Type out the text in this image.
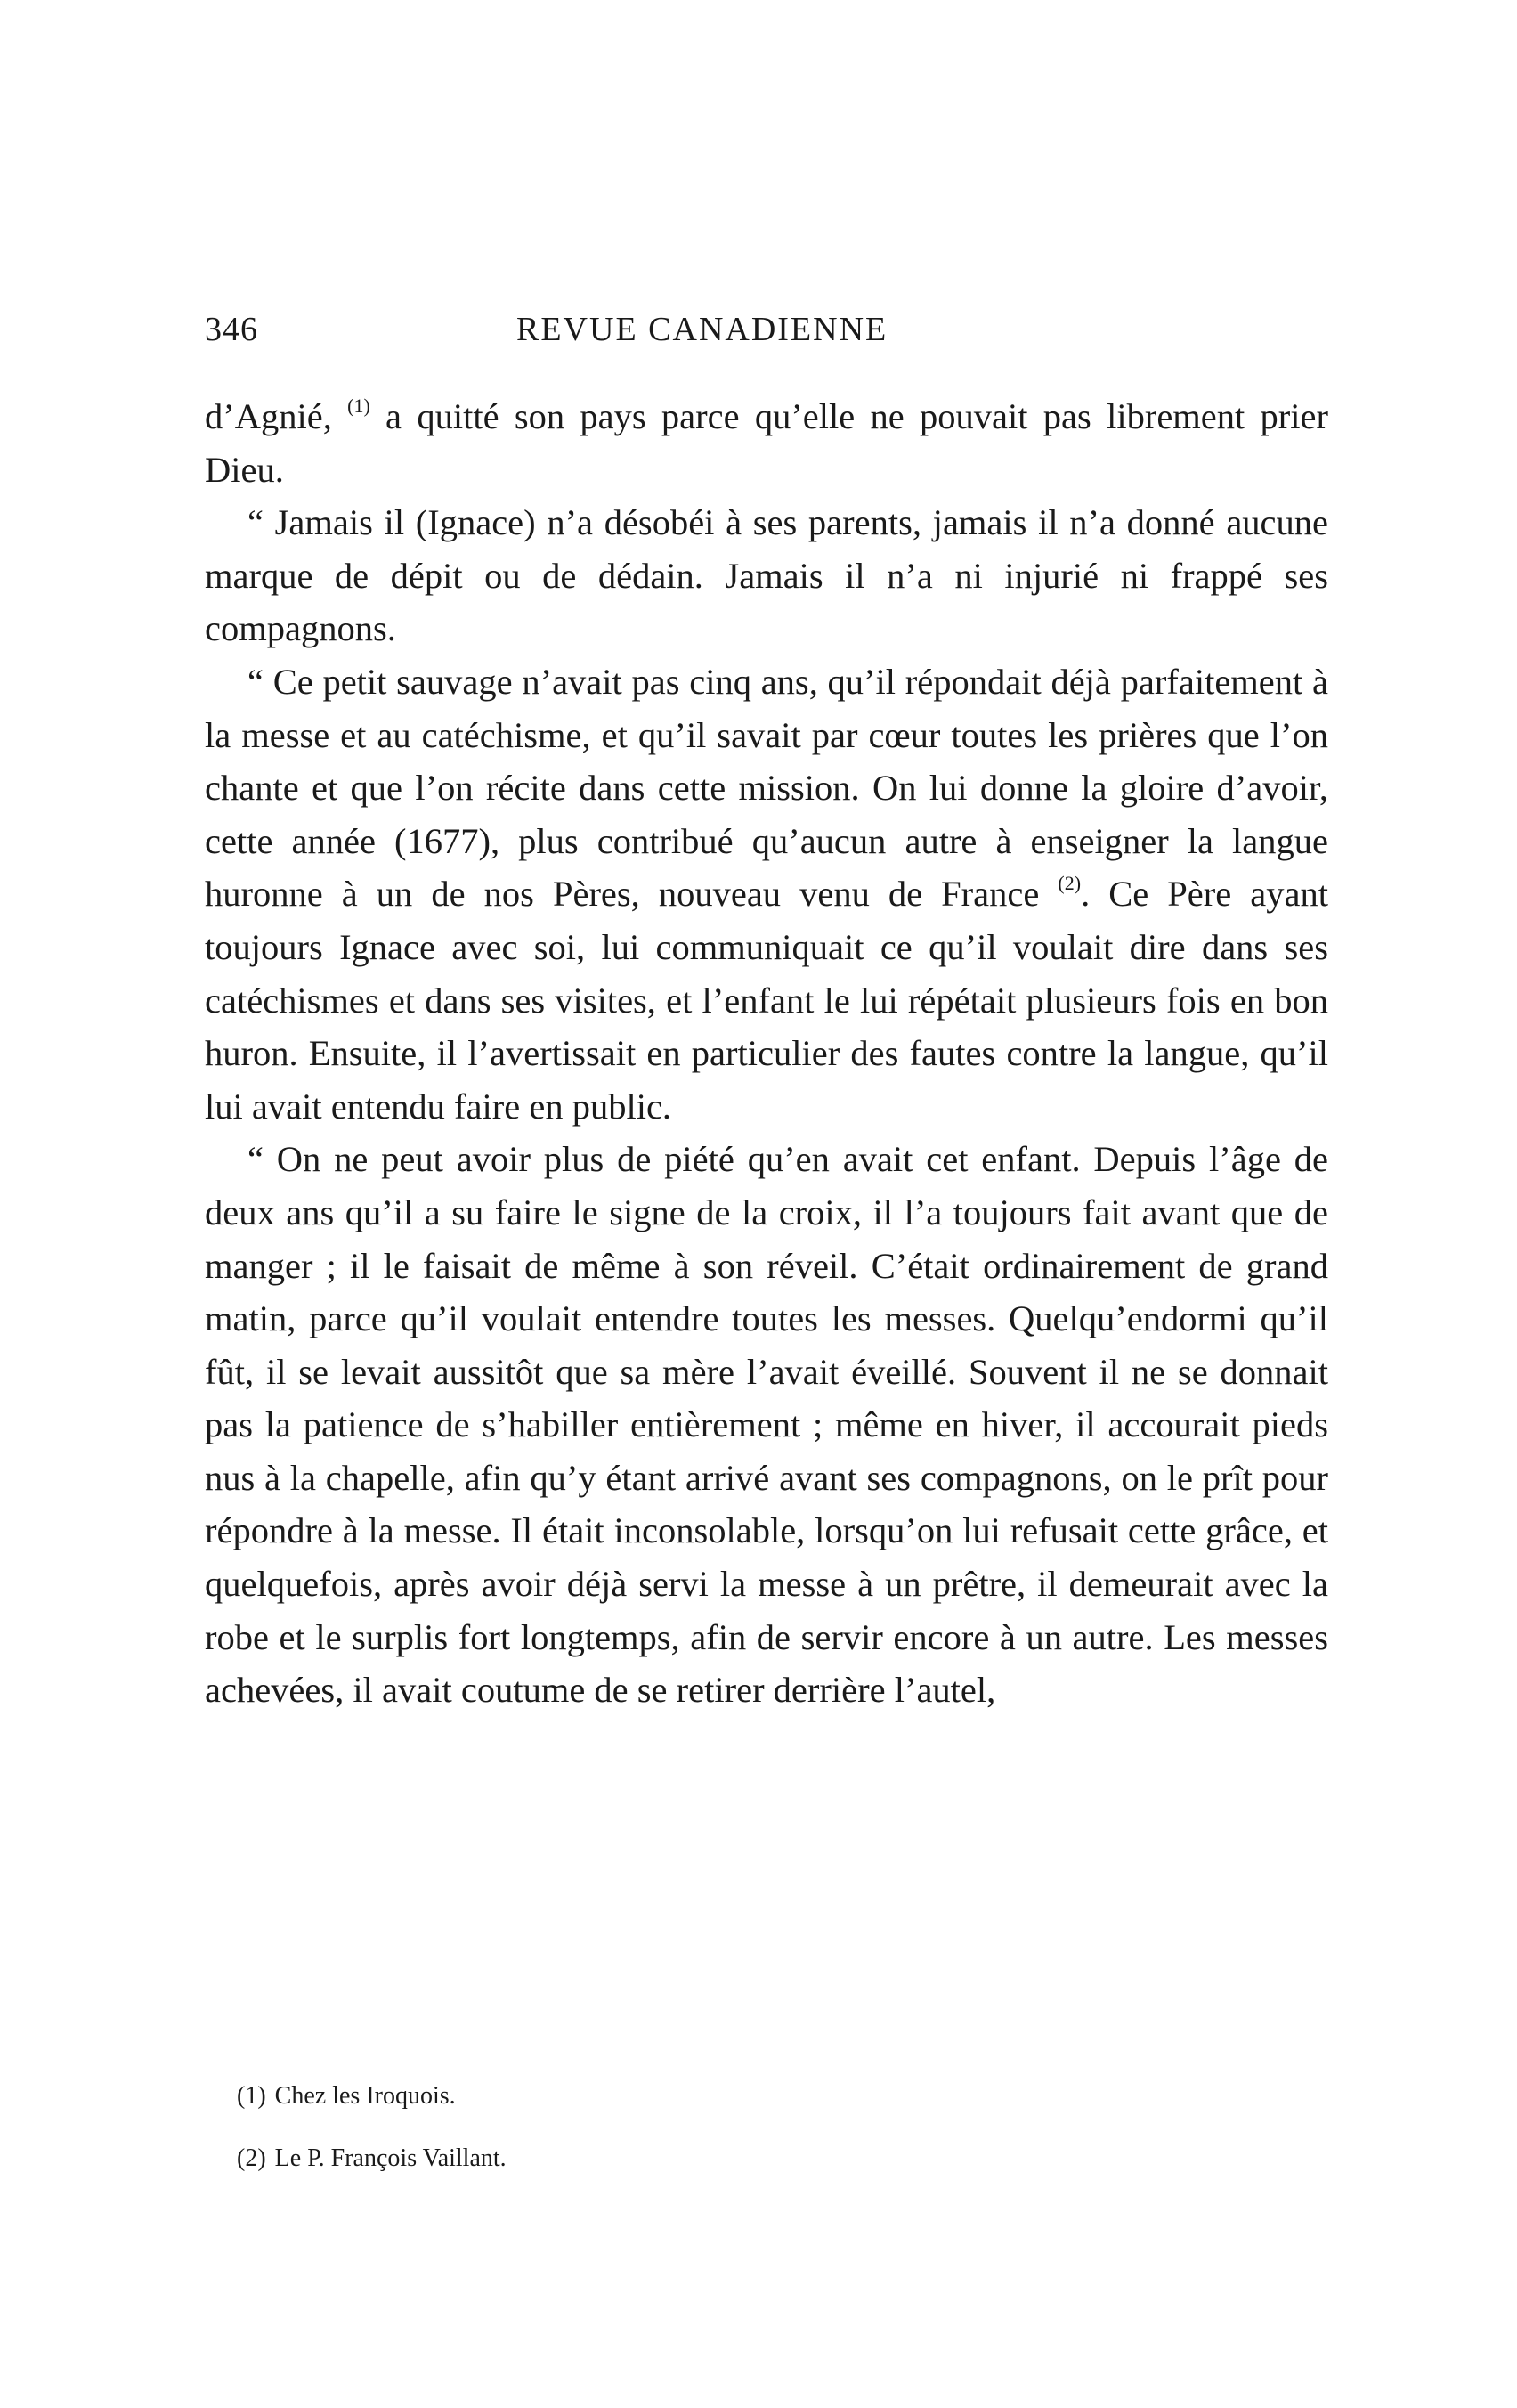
346	REVUE CANADIENNE

d’Agnié, $^{(1)}$ a quitté son pays parce qu’elle ne pouvait pas librement prier Dieu.

“ Jamais il (Ignace) n’a désobéi à ses parents, jamais il n’a donné aucune marque de dépit ou de dédain. Jamais il n’a ni injurié ni frappé ses compagnons.

“ Ce petit sauvage n’avait pas cinq ans, qu’il répondait déjà parfaitement à la messe et au catéchisme, et qu’il savait par cœur toutes les prières que l’on chante et que l’on récite dans cette mission. On lui donne la gloire d’avoir, cette année (1677), plus contribué qu’aucun autre à enseigner la langue huronne à un de nos Pères, nouveau venu de France $^{(2)}$. Ce Père ayant toujours Ignace avec soi, lui communiquait ce qu’il voulait dire dans ses catéchismes et dans ses visites, et l’enfant le lui répétait plusieurs fois en bon huron. Ensuite, il l’avertissait en particulier des fautes contre la langue, qu’il lui avait entendu faire en public.

“ On ne peut avoir plus de piété qu’en avait cet enfant. Depuis l’âge de deux ans qu’il a su faire le signe de la croix, il l’a toujours fait avant que de manger ; il le faisait de même à son réveil. C’était ordinairement de grand matin, parce qu’il voulait entendre toutes les messes. Quelqu’endormi qu’il fût, il se levait aussitôt que sa mère l’avait éveillé. Souvent il ne se donnait pas la patience de s’habiller entièrement ; même en hiver, il accourait pieds nus à la chapelle, afin qu’y étant arrivé avant ses compagnons, on le prît pour répondre à la messe. Il était inconsolable, lorsqu’on lui refusait cette grâce, et quelquefois, après avoir déjà servi la messe à un prêtre, il demeurait avec la robe et le surplis fort longtemps, afin de servir encore à un autre. Les messes achevées, il avait coutume de se retirer derrière l’autel,

(1) Chez les Iroquois.

(2) Le P. François Vaillant.
